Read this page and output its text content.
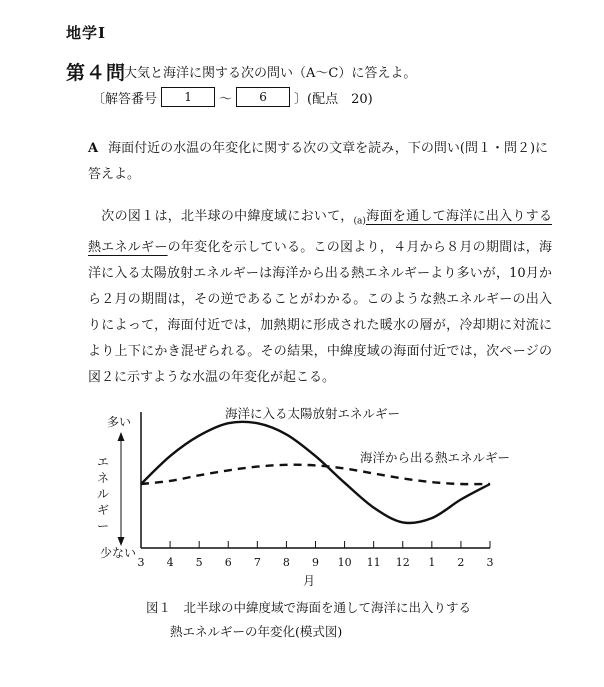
地学Ⅰ
第４問
大気と海洋に関する次の問い（A〜C）に答えよ。
〔解答番号	1	〜	6	〕(配点　20)
A 海面付近の水温の年変化に関する次の文章を読み，下の問い(問１・問２)に答えよ。
 次の図１は，北半球の中緯度域において，$_{(a)}$海面を通して海洋に出入りする熱エネルギーの年変化を示している。この図より，４月から８月の期間は，海洋に入る太陽放射エネルギーは海洋から出る熱エネルギーより多いが，10月から２月の期間は，その逆であることがわかる。このような熱エネルギーの出入りによって，海面付近では，加熱期に形成された暖水の層が，冷却期に対流により上下にかき混ぜられる。その結果，中緯度域の海面付近では，次ページの図２に示すような水温の年変化が起こる。
3 4 5 6 7 8 9 10 11 12 1 2 3
多い
少ない
エ
ネ
ル
ギ
ー
月
海洋に入る太陽放射エネルギー
海洋から出る熱エネルギー
図１　北半球の中緯度域で海面を通して海洋に出入りする
熱エネルギーの年変化(模式図)
